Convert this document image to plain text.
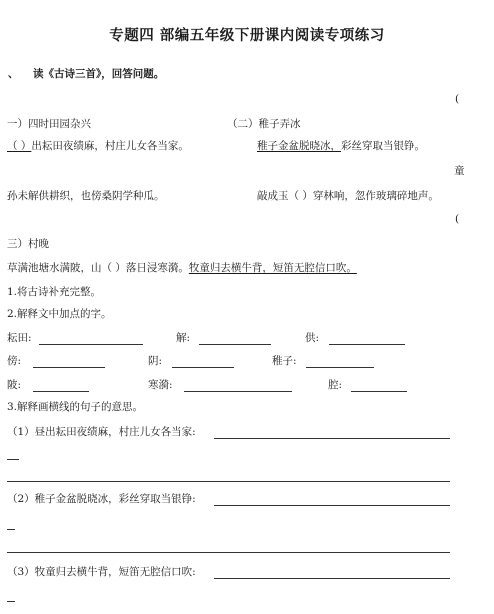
专题四 部编五年级下册课内阅读专项练习
、 读《古诗三首》，回答问题。
(
一）四时田园杂兴
（ ）出耘田夜绩麻，村庄儿女各当家。
孙未解供耕织，也傍桑阴学种瓜。
（二）稚子弄冰
稚子金盆脱晓冰，彩丝穿取当银铮。
童
敲成玉（ ）穿林响，忽作玻璃碎地声。
(
三）村晚
草满池塘水满陂，山（ ）落日浸寒漪。牧童归去横牛背，短笛无腔信口吹。
1.将古诗补充完整。
2.解释文中加点的字。
耘田:	解:	供:
傍:	阴:	稚子:
陂:	寒漪:	腔:
3.解释画横线的句子的意思。
（1）昼出耘田夜绩麻，村庄儿女各当家:
（2）稚子金盆脱晓冰，彩丝穿取当银铮:
（3）牧童归去横牛背，短笛无腔信口吹:
